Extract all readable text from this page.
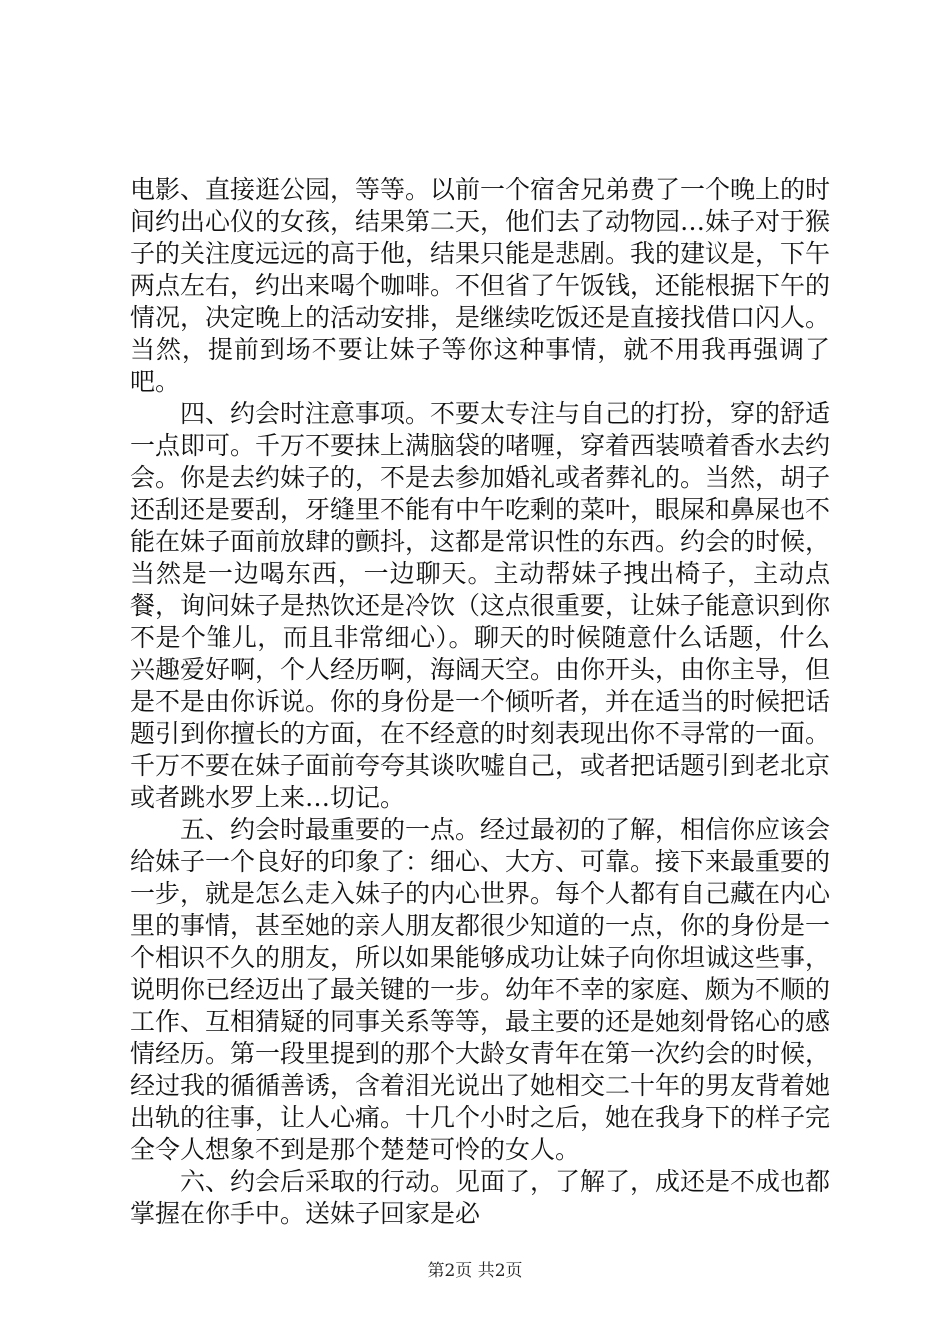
电影、直接逛公园，等等。以前一个宿舍兄弟费了一个晚上的时间约出心仪的女孩，结果第二天，他们去了动物园…妹子对于猴子的关注度远远的高于他，结果只能是悲剧。我的建议是，下午两点左右，约出来喝个咖啡。不但省了午饭钱，还能根据下午的情况，决定晚上的活动安排，是继续吃饭还是直接找借口闪人。当然，提前到场不要让妹子等你这种事情，就不用我再强调了吧。

四、约会时注意事项。不要太专注与自己的打扮，穿的舒适一点即可。千万不要抹上满脑袋的啫喱，穿着西装喷着香水去约会。你是去约妹子的，不是去参加婚礼或者葬礼的。当然，胡子还刮还是要刮，牙缝里不能有中午吃剩的菜叶，眼屎和鼻屎也不能在妹子面前放肆的颤抖，这都是常识性的东西。约会的时候，当然是一边喝东西，一边聊天。主动帮妹子拽出椅子，主动点餐，询问妹子是热饮还是冷饮（这点很重要，让妹子能意识到你不是个雏儿，而且非常细心）。聊天的时候随意什么话题，什么兴趣爱好啊，个人经历啊，海阔天空。由你开头，由你主导，但是不是由你诉说。你的身份是一个倾听者，并在适当的时候把话题引到你擅长的方面，在不经意的时刻表现出你不寻常的一面。千万不要在妹子面前夸夸其谈吹嘘自己，或者把话题引到老北京或者跳水罗上来…切记。

五、约会时最重要的一点。经过最初的了解，相信你应该会给妹子一个良好的印象了：细心、大方、可靠。接下来最重要的一步，就是怎么走入妹子的内心世界。每个人都有自己藏在内心里的事情，甚至她的亲人朋友都很少知道的一点，你的身份是一个相识不久的朋友，所以如果能够成功让妹子向你坦诚这些事，说明你已经迈出了最关键的一步。幼年不幸的家庭、颇为不顺的工作、互相猜疑的同事关系等等，最主要的还是她刻骨铭心的感情经历。第一段里提到的那个大龄女青年在第一次约会的时候，经过我的循循善诱，含着泪光说出了她相交二十年的男友背着她出轨的往事，让人心痛。十几个小时之后，她在我身下的样子完全令人想象不到是那个楚楚可怜的女人。

六、约会后采取的行动。见面了，了解了，成还是不成也都掌握在你手中。送妹子回家是必

第2页 共2页
